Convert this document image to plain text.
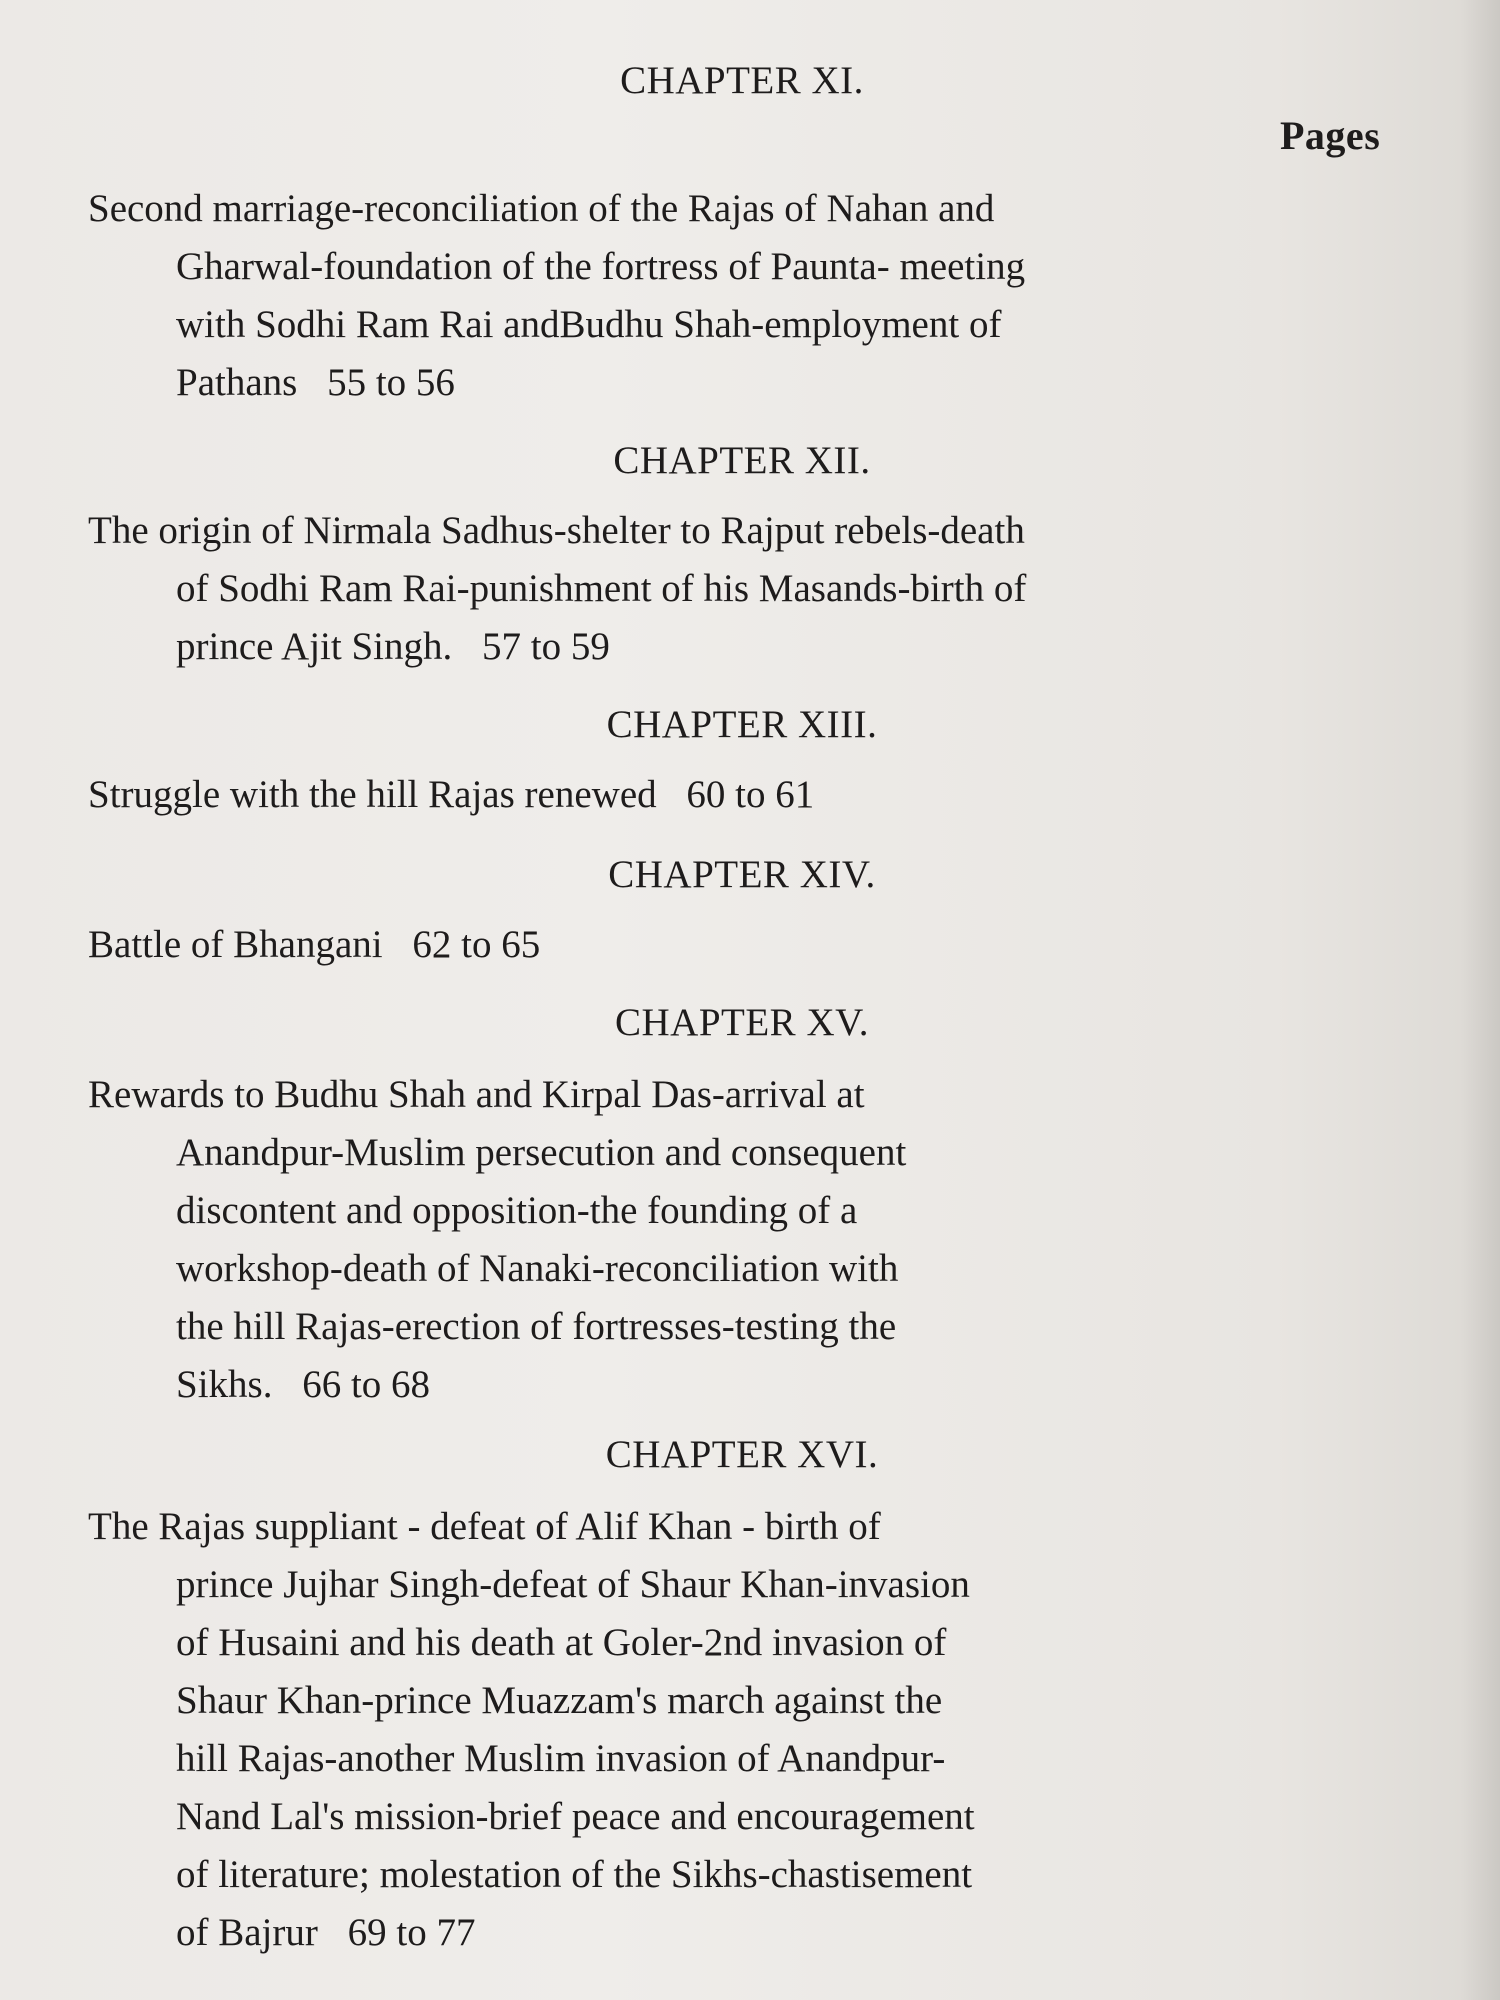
Pages
CHAPTER XI.
Second marriage-reconciliation of the Rajas of Nahan and
Gharwal-foundation of the fortress of Paunta- meeting
with Sodhi Ram Rai andBudhu Shah-employment of
Pathans 55 to 56
CHAPTER XII.
The origin of Nirmala Sadhus-shelter to Rajput rebels-death
of Sodhi Ram Rai-punishment of his Masands-birth of
prince Ajit Singh. 57 to 59
CHAPTER XIII.
Struggle with the hill Rajas renewed 60 to 61
CHAPTER XIV.
Battle of Bhangani 62 to 65
CHAPTER XV.
Rewards to Budhu Shah and Kirpal Das-arrival at
Anandpur-Muslim persecution and consequent
discontent and opposition-the founding of a
workshop-death of Nanaki-reconciliation with
the hill Rajas-erection of fortresses-testing the
Sikhs. 66 to 68
CHAPTER XVI.
The Rajas suppliant - defeat of Alif Khan - birth of
prince Jujhar Singh-defeat of Shaur Khan-invasion
of Husaini and his death at Goler-2nd invasion of
Shaur Khan-prince Muazzam's march against the
hill Rajas-another Muslim invasion of Anandpur-
Nand Lal's mission-brief peace and encouragement
of literature; molestation of the Sikhs-chastisement
of Bajrur 69 to 77
